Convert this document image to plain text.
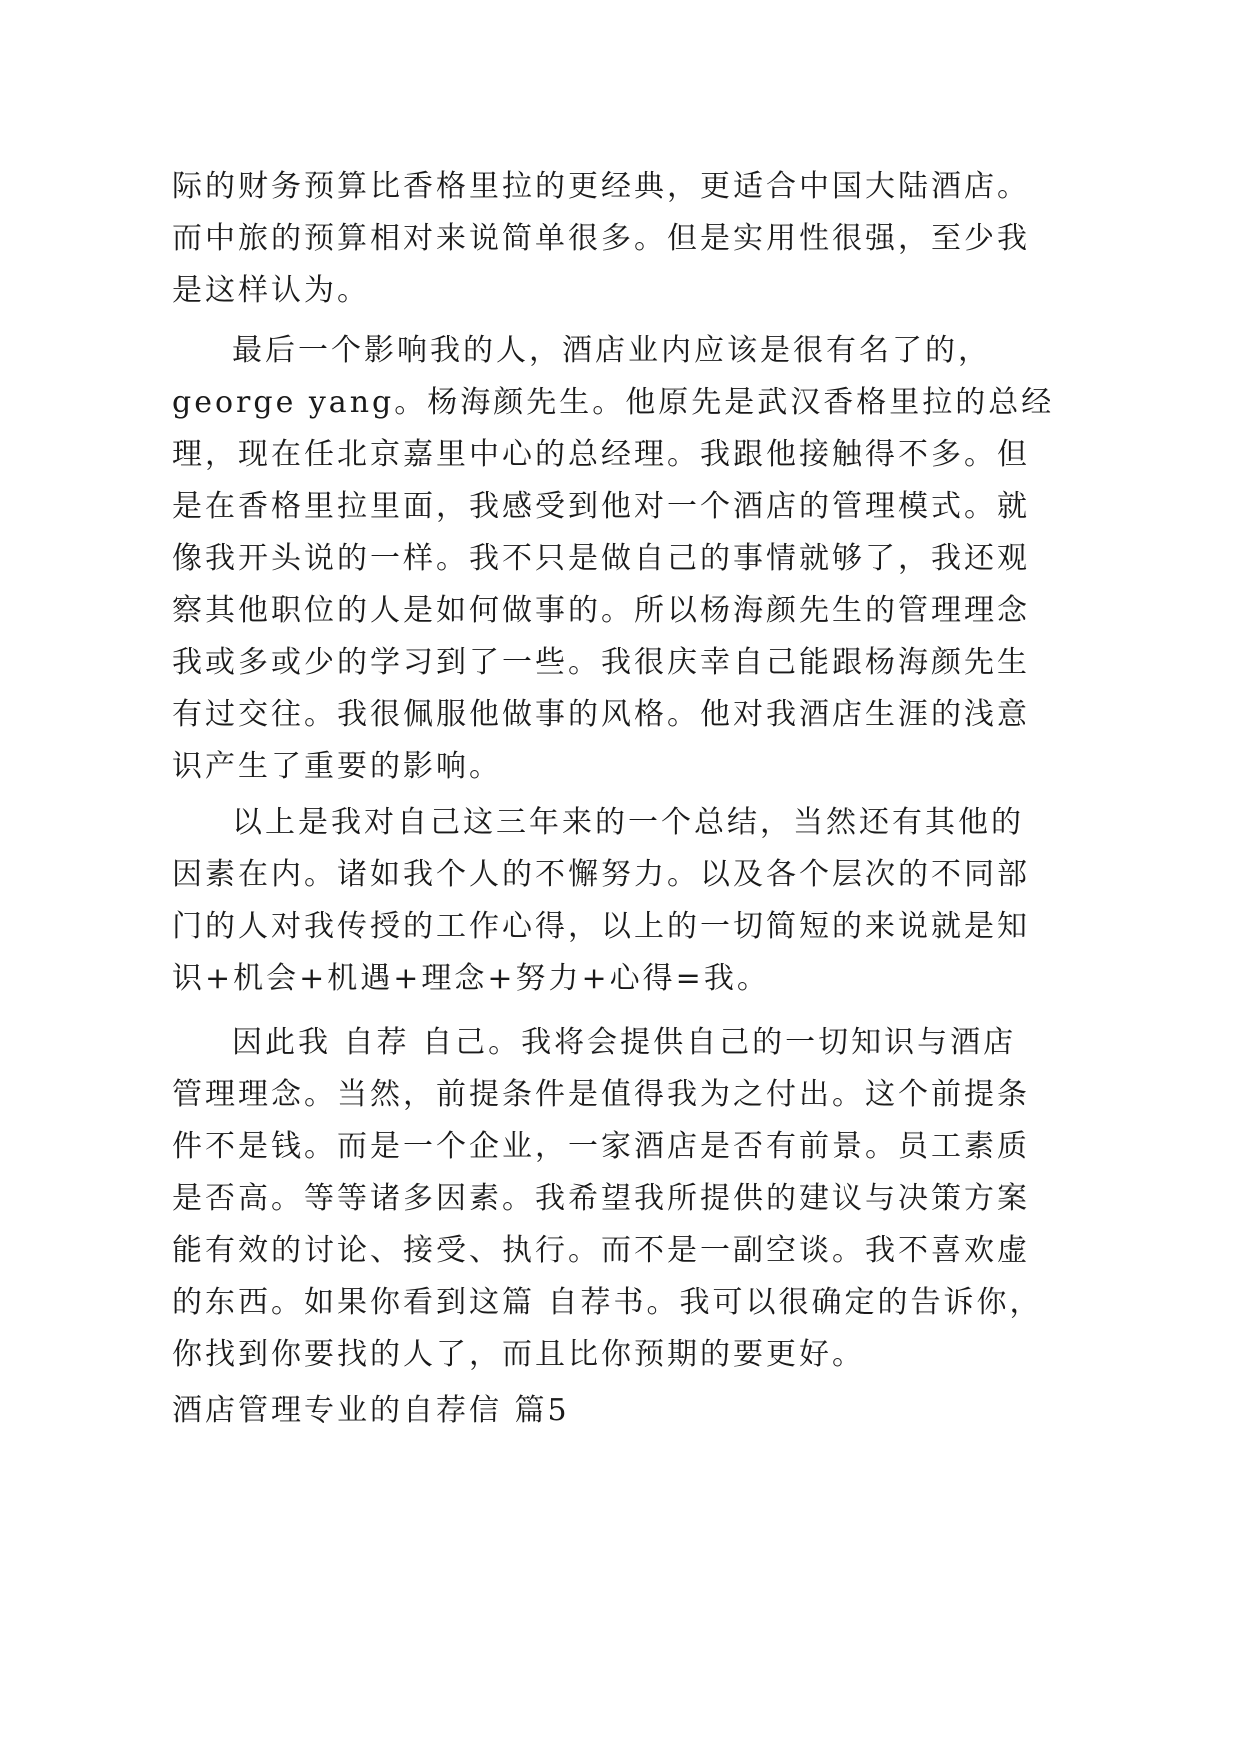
际的财务预算比香格里拉的更经典，更适合中国大陆酒店。
而中旅的预算相对来说简单很多。但是实用性很强，至少我
是这样认为。
最后一个影响我的人，酒店业内应该是很有名了的，
george yang。杨海颜先生。他原先是武汉香格里拉的总经
理，现在任北京嘉里中心的总经理。我跟他接触得不多。但
是在香格里拉里面，我感受到他对一个酒店的管理模式。就
像我开头说的一样。我不只是做自己的事情就够了，我还观
察其他职位的人是如何做事的。所以杨海颜先生的管理理念
我或多或少的学习到了一些。我很庆幸自己能跟杨海颜先生
有过交往。我很佩服他做事的风格。他对我酒店生涯的浅意
识产生了重要的影响。
以上是我对自己这三年来的一个总结，当然还有其他的
因素在内。诸如我个人的不懈努力。以及各个层次的不同部
门的人对我传授的工作心得，以上的一切简短的来说就是知
识+机会+机遇+理念+努力+心得=我。
因此我 自荐 自己。我将会提供自己的一切知识与酒店
管理理念。当然，前提条件是值得我为之付出。这个前提条
件不是钱。而是一个企业，一家酒店是否有前景。员工素质
是否高。等等诸多因素。我希望我所提供的建议与决策方案
能有效的讨论、接受、执行。而不是一副空谈。我不喜欢虚
的东西。如果你看到这篇 自荐书。我可以很确定的告诉你，
你找到你要找的人了，而且比你预期的要更好。
酒店管理专业的自荐信 篇5
